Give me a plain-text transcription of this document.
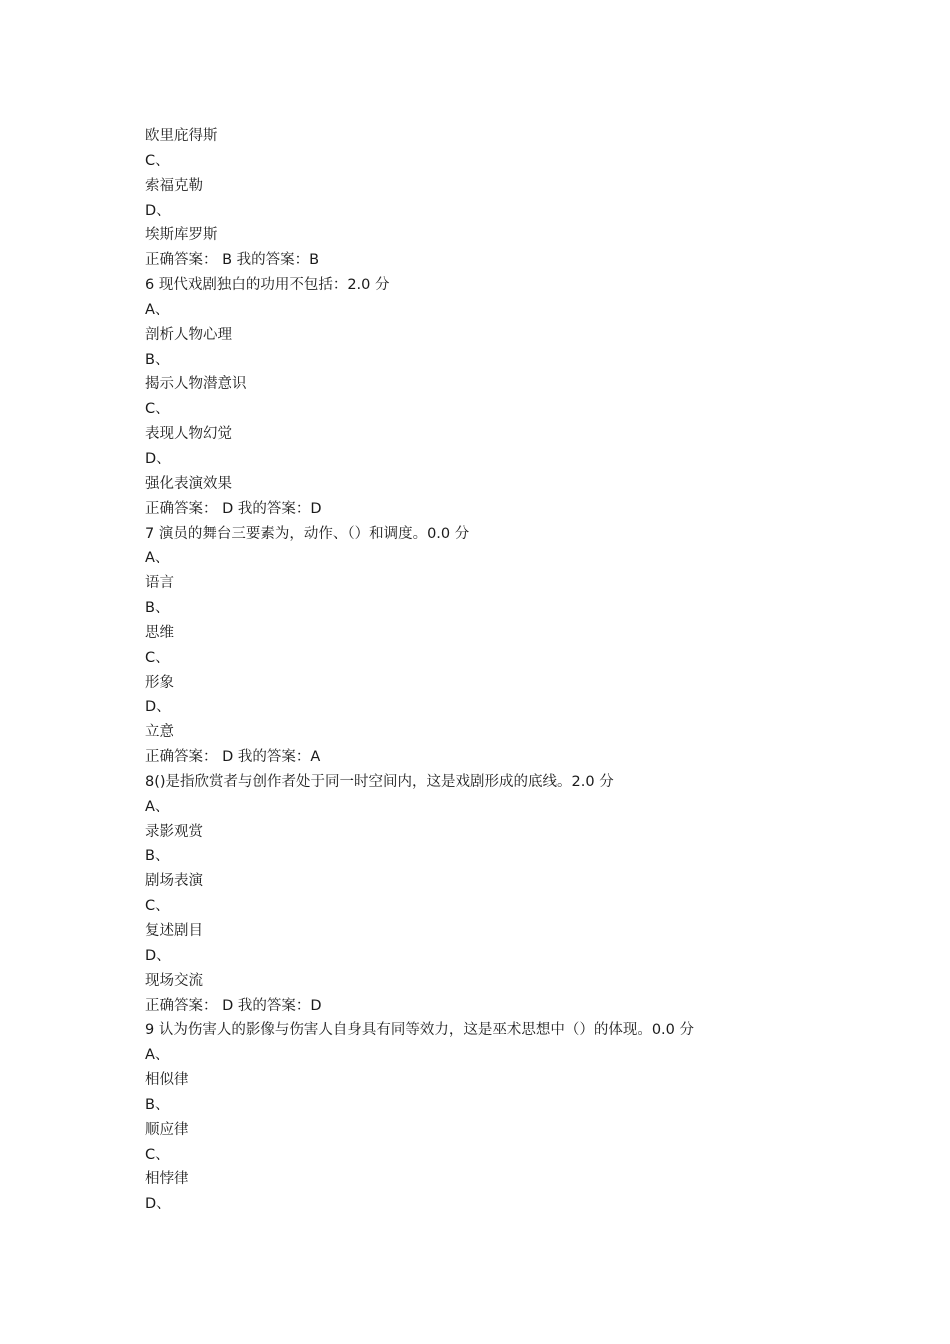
欧里庇得斯
C、
索福克勒
D、
埃斯库罗斯
正确答案： B 我的答案：B
6 现代戏剧独白的功用不包括：2.0 分
A、
剖析人物心理
B、
揭示人物潜意识
C、
表现人物幻觉
D、
强化表演效果
正确答案： D 我的答案：D
7 演员的舞台三要素为，动作、（）和调度。0.0 分
A、
语言
B、
思维
C、
形象
D、
立意
正确答案： D 我的答案：A
8()是指欣赏者与创作者处于同一时空间内，这是戏剧形成的底线。2.0 分
A、
录影观赏
B、
剧场表演
C、
复述剧目
D、
现场交流
正确答案： D 我的答案：D
9 认为伤害人的影像与伤害人自身具有同等效力，这是巫术思想中（）的体现。0.0 分
A、
相似律
B、
顺应律
C、
相悖律
D、
